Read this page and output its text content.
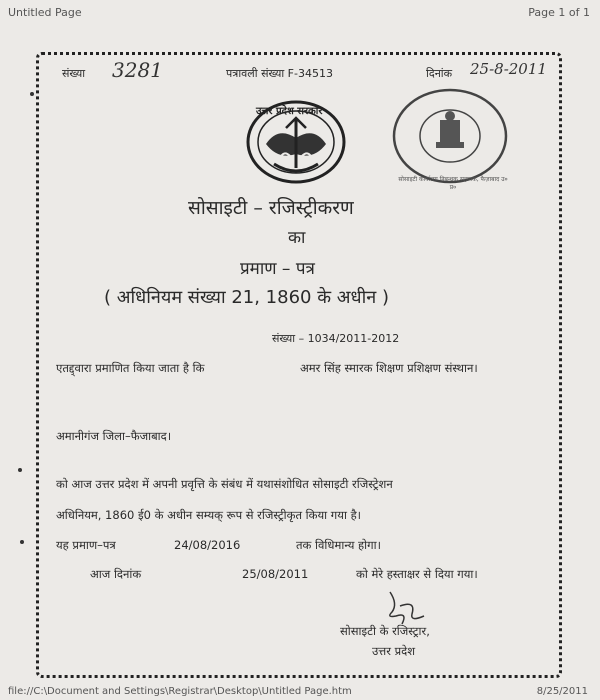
Untitled Page	Page 1 of 1
संख्या 3281	पत्रावली संख्या F-34513	दिनांक 25-8-2011
उत्तर प्रदेश सरकार
सोसाइटी कार्यालय निबन्धक सहायक, फैज़ाबाद उ० प्र०
सोसाइटी – रजिस्ट्रीकरण
का
प्रमाण – पत्र
( अधिनियम संख्या 21, 1860 के अधीन )
संख्या – 1034/2011-2012
एतद्द्वारा प्रमाणित किया जाता है कि	अमर सिंह स्मारक शिक्षण प्रशिक्षण संस्थान।
अमानीगंज जिला–फैजाबाद।
को आज उत्तर प्रदेश में अपनी प्रवृत्ति के संबंध में यथासंशोधित सोसाइटी रजिस्ट्रेशन
अधिनियम, 1860 ई0 के अधीन सम्यक् रूप से रजिस्ट्रीकृत किया गया है।
यह प्रमाण–पत्र	24/08/2016	तक विधिमान्य होगा।
आज दिनांक	25/08/2011	को मेरे हस्ताक्षर से दिया गया।
सोसाइटी के रजिस्ट्रार,
उत्तर प्रदेश
file://C:\Document and Settings\Registrar\Desktop\Untitled Page.htm	8/25/2011
